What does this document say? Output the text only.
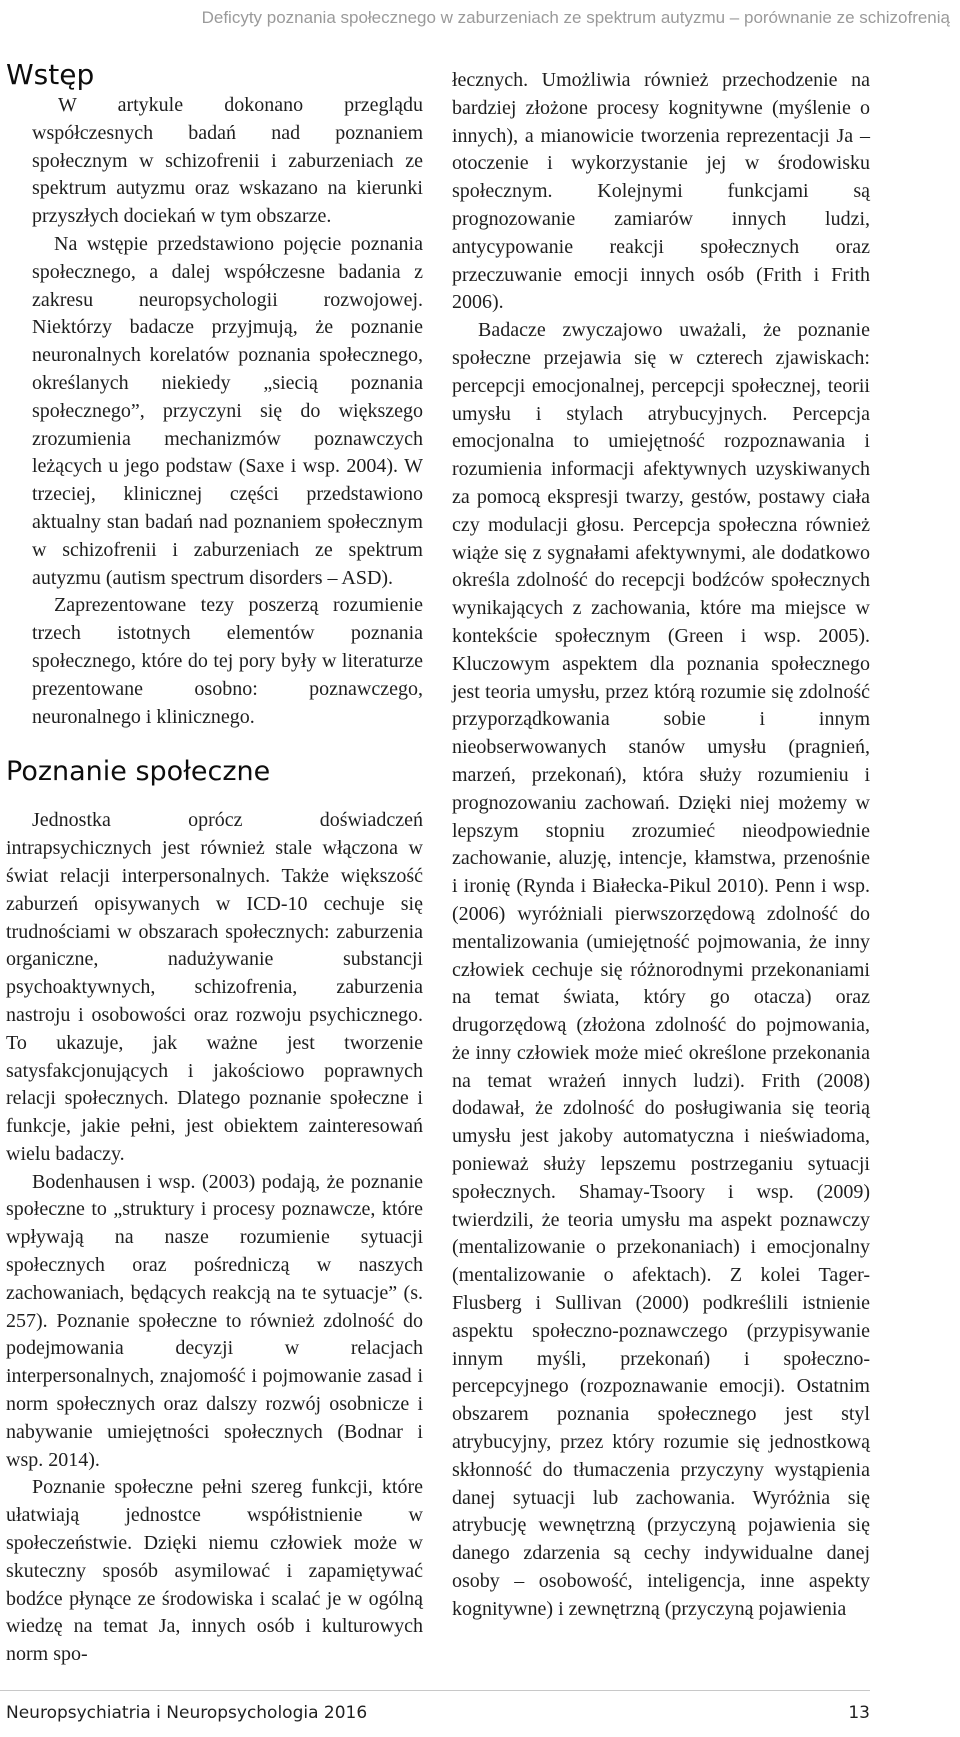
Deficyty poznania społecznego w zaburzeniach ze spektrum autyzmu – porównanie ze schizofrenią
Wstęp

W artykule dokonano przeglądu współczesnych badań nad poznaniem społecznym w schizofrenii i zaburzeniach ze spektrum autyzmu oraz wskazano na kierunki przyszłych dociekań w tym obszarze.

Na wstępie przedstawiono pojęcie poznania społecznego, a dalej współczesne badania z zakresu neuropsychologii rozwojowej. Niektórzy badacze przyjmują, że poznanie neuronalnych korelatów poznania społecznego, określanych niekiedy „siecią poznania społecznego”, przyczyni się do większego zrozumienia mechanizmów poznawczych leżących u jego podstaw (Saxe i wsp. 2004). W trzeciej, klinicznej części przedstawiono aktualny stan badań nad poznaniem społecznym w schizofrenii i zaburzeniach ze spektrum autyzmu (autism spectrum disorders – ASD).

Zaprezentowane tezy poszerzą rozumienie trzech istotnych elementów poznania społecznego, które do tej pory były w literaturze prezentowane osobno: poznawczego, neuronalnego i klinicznego.

Poznanie społeczne

Jednostka oprócz doświadczeń intrapsychicznych jest również stale włączona w świat relacji interpersonalnych. Także większość zaburzeń opisywanych w ICD-10 cechuje się trudnościami w obszarach społecznych: zaburzenia organiczne, nadużywanie substancji psychoaktywnych, schizofrenia, zaburzenia nastroju i osobowości oraz rozwoju psychicznego. To ukazuje, jak ważne jest tworzenie satysfakcjonujących i jakościowo poprawnych relacji społecznych. Dlatego poznanie społeczne i funkcje, jakie pełni, jest obiektem zainteresowań wielu badaczy.

Bodenhausen i wsp. (2003) podają, że poznanie społeczne to „struktury i procesy poznawcze, które wpływają na nasze rozumienie sytuacji społecznych oraz pośredniczą w naszych zachowaniach, będących reakcją na te sytuacje” (s. 257). Poznanie społeczne to również zdolność do podejmowania decyzji w relacjach interpersonalnych, znajomość i pojmowanie zasad i norm społecznych oraz dalszy rozwój osobnicze i nabywanie umiejętności społecznych (Bodnar i wsp. 2014).

Poznanie społeczne pełni szereg funkcji, które ułatwiają jednostce współistnienie w społeczeństwie. Dzięki niemu człowiek może w skuteczny sposób asymilować i zapamiętywać bodźce płynące ze środowiska i scalać je w ogólną wiedzę na temat Ja, innych osób i kulturowych norm spo-

łecznych. Umożliwia również przechodzenie na bardziej złożone procesy kognitywne (myślenie o innych), a mianowicie tworzenia reprezentacji Ja – otoczenie i wykorzystanie jej w środowisku społecznym. Kolejnymi funkcjami są prognozowanie zamiarów innych ludzi, antycypowanie reakcji społecznych oraz przeczuwanie emocji innych osób (Frith i Frith 2006).

Badacze zwyczajowo uważali, że poznanie społeczne przejawia się w czterech zjawiskach: percepcji emocjonalnej, percepcji społecznej, teorii umysłu i stylach atrybucyjnych. Percepcja emocjonalna to umiejętność rozpoznawania i rozumienia informacji afektywnych uzyskiwanych za pomocą ekspresji twarzy, gestów, postawy ciała czy modulacji głosu. Percepcja społeczna również wiąże się z sygnałami afektywnymi, ale dodatkowo określa zdolność do recepcji bodźców społecznych wynikających z zachowania, które ma miejsce w kontekście społecznym (Green i wsp. 2005). Kluczowym aspektem dla poznania społecznego jest teoria umysłu, przez którą rozumie się zdolność przyporządkowania sobie i innym nieobserwowanych stanów umysłu (pragnień, marzeń, przekonań), która służy rozumieniu i prognozowaniu zachowań. Dzięki niej możemy w lepszym stopniu zrozumieć nieodpowiednie zachowanie, aluzję, intencje, kłamstwa, przenośnie i ironię (Rynda i Białecka-Pikul 2010). Penn i wsp. (2006) wyróżniali pierwszorzędową zdolność do mentalizowania (umiejętność pojmowania, że inny człowiek cechuje się różnorodnymi przekonaniami na temat świata, który go otacza) oraz drugorzędową (złożona zdolność do pojmowania, że inny człowiek może mieć określone przekonania na temat wrażeń innych ludzi). Frith (2008) dodawał, że zdolność do posługiwania się teorią umysłu jest jakoby automatyczna i nieświadoma, ponieważ służy lepszemu postrzeganiu sytuacji społecznych. Shamay-Tsoory i wsp. (2009) twierdzili, że teoria umysłu ma aspekt poznawczy (mentalizowanie o przekonaniach) i emocjonalny (mentalizowanie o afektach). Z kolei Tager-Flusberg i Sullivan (2000) podkreślili istnienie aspektu społeczno-poznawczego (przypisywanie innym myśli, przekonań) i społeczno-percepcyjnego (rozpoznawanie emocji). Ostatnim obszarem poznania społecznego jest styl atrybucyjny, przez który rozumie się jednostkową skłonność do tłumaczenia przyczyny wystąpienia danej sytuacji lub zachowania. Wyróżnia się atrybucję wewnętrzną (przyczyną pojawienia się danego zdarzenia są cechy indywidualne danej osoby – osobowość, inteligencja, inne aspekty kognitywne) i zewnętrzną (przyczyną pojawienia

Neuropsychiatria i Neuropsychologia 2016	13
